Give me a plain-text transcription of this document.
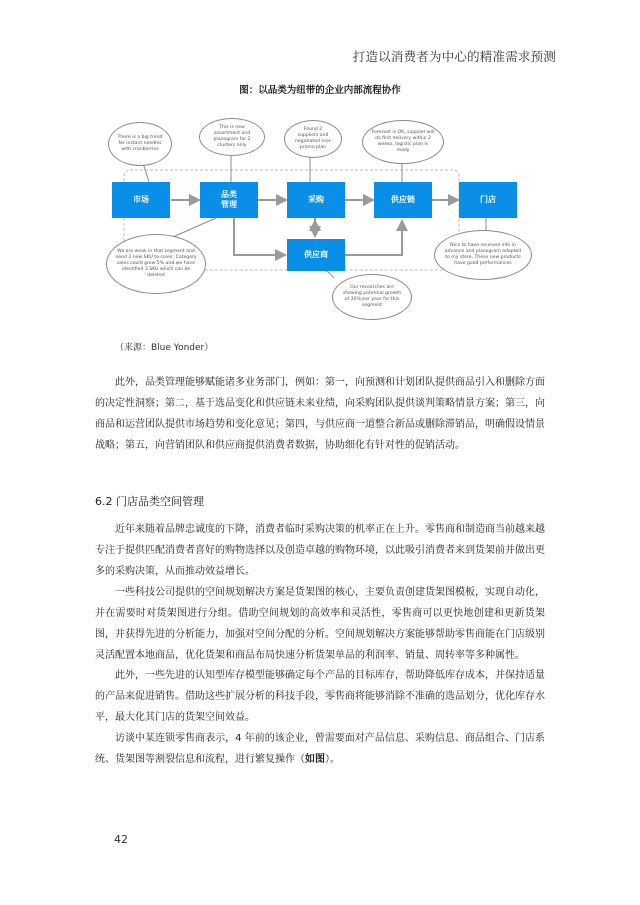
打造以消费者为中心的精准需求预测
图：以品类为纽带的企业内部流程协作
市场
品类
管理
采购	供应链	门店
供应商
There is a big trend for instant noodles with cranberries
This is new assortment and planogram for 2 clusters only
Found 2 suppliers and negotiated nice promo plan
Forecast is OK, supplier will do first delivery within 2 weeks, logistic plan is ready
We are weak in that segment and need 2 new SKU to cover. Category sales could grow 5% and we have identified 3 SKU which can be deleted
Our researches are showing potential growth of 30% per year for this segment
Nice to have received info in advance and planogram adapted to my store. These new products have good performances
（来源：Blue Yonder）

此外，品类管理能够赋能诸多业务部门，例如：第一，向预测和计划团队提供商品引入和删除方面的决定性洞察；第二，基于选品变化和供应链未来业绩，向采购团队提供谈判策略情景方案；第三，向商品和运营团队提供市场趋势和变化意见；第四，与供应商一道整合新品或删除滞销品，明确假设情景战略；第五，向营销团队和供应商提供消费者数据，协助细化有针对性的促销活动。

6.2 门店品类空间管理

近年来随着品牌忠诚度的下降，消费者临时采购决策的机率正在上升。零售商和制造商当前越来越专注于提供匹配消费者喜好的购物选择以及创造卓越的购物环境，以此吸引消费者来到货架前并做出更多的采购决策，从而推动效益增长。

一些科技公司提供的空间规划解决方案是货架图的核心，主要负责创建货架图模板，实现自动化，并在需要时对货架图进行分组。借助空间规划的高效率和灵活性，零售商可以更快地创建和更新货架图，并获得先进的分析能力，加强对空间分配的分析。空间规划解决方案能够帮助零售商能在门店级别灵活配置本地商品，优化货架和商品布局快速分析货架单品的利润率、销量、周转率等多种属性。

此外，一些先进的认知型库存模型能够确定每个产品的目标库存，帮助降低库存成本，并保持适量的产品来促进销售。借助这些扩展分析的科技手段，零售商将能够消除不准确的选品划分，优化库存水平，最大化其门店的货架空间效益。

访谈中某连锁零售商表示，4 年前的该企业，曾需要面对产品信息、采购信息、商品组合、门店系统、货架图等割裂信息和流程，进行繁复操作（如图）。

42
